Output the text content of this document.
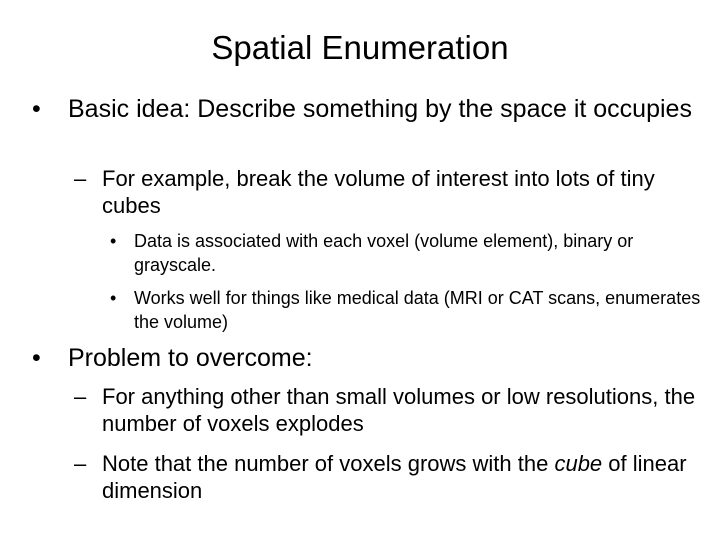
Spatial Enumeration
• Basic idea: Describe something by the space it occupies
– For example, break the volume of interest into lots of tiny cubes
• Data is associated with each voxel (volume element), binary or grayscale.
• Works well for things like medical data (MRI or CAT scans, enumerates the volume)
• Problem to overcome:
– For anything other than small volumes or low resolutions, the number of voxels explodes
– Note that the number of voxels grows with the cube of linear dimension
